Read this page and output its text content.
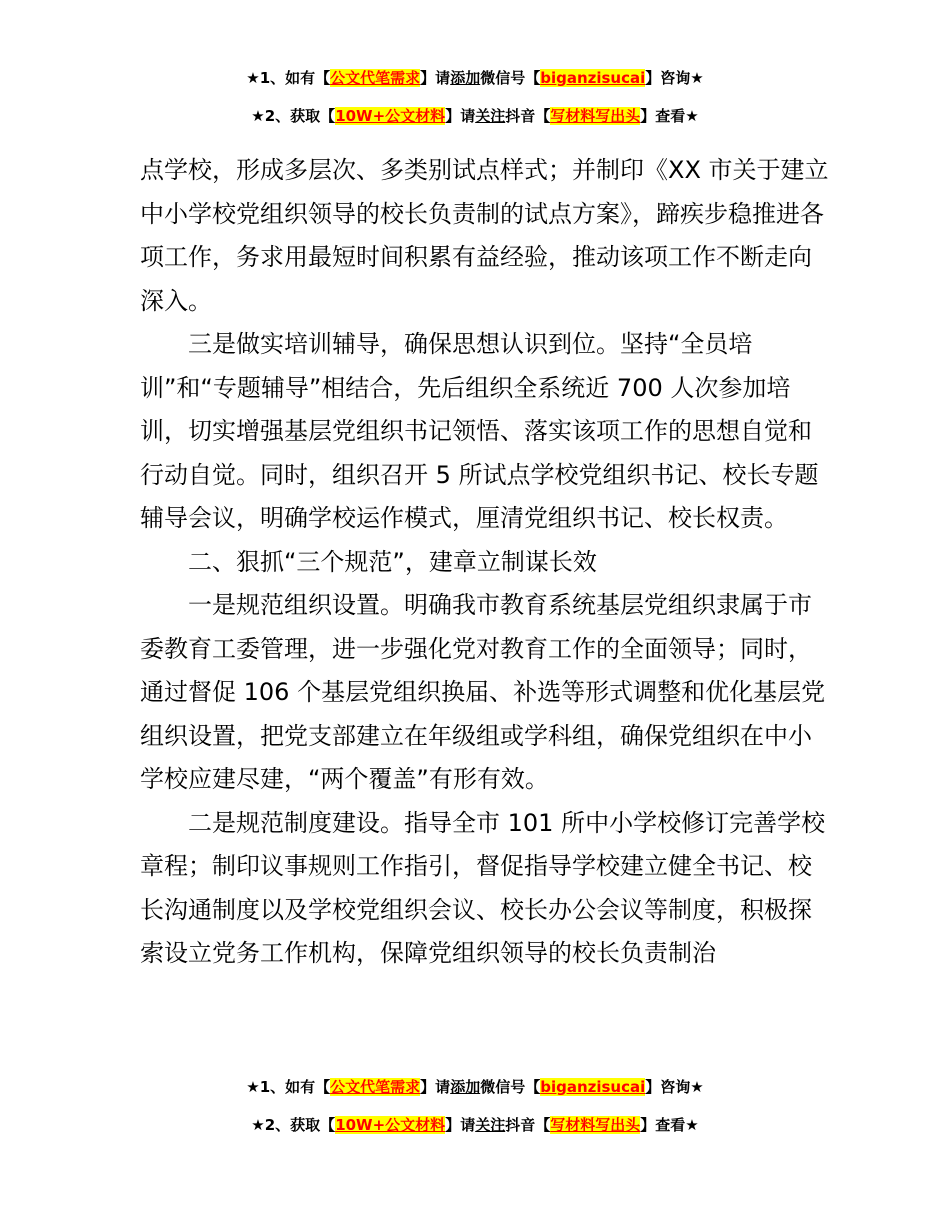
★1、如有【公文代笔需求】请添加微信号【biganzisucai】咨询★
★2、获取【10W+公文材料】请关注抖音【写材料写出头】查看★

点学校，形成多层次、多类别试点样式；并制印《XX 市关于建立中小学校党组织领导的校长负责制的试点方案》，蹄疾步稳推进各项工作，务求用最短时间积累有益经验，推动该项工作不断走向深入。

三是做实培训辅导，确保思想认识到位。坚持“全员培训”和“专题辅导”相结合，先后组织全系统近 700 人次参加培训，切实增强基层党组织书记领悟、落实该项工作的思想自觉和行动自觉。同时，组织召开 5 所试点学校党组织书记、校长专题辅导会议，明确学校运作模式，厘清党组织书记、校长权责。

二、狠抓“三个规范”，建章立制谋长效

一是规范组织设置。明确我市教育系统基层党组织隶属于市委教育工委管理，进一步强化党对教育工作的全面领导；同时，通过督促 106 个基层党组织换届、补选等形式调整和优化基层党组织设置，把党支部建立在年级组或学科组，确保党组织在中小学校应建尽建，“两个覆盖”有形有效。

二是规范制度建设。指导全市 101 所中小学校修订完善学校章程；制印议事规则工作指引，督促指导学校建立健全书记、校长沟通制度以及学校党组织会议、校长办公会议等制度，积极探索设立党务工作机构，保障党组织领导的校长负责制治

★1、如有【公文代笔需求】请添加微信号【biganzisucai】咨询★
★2、获取【10W+公文材料】请关注抖音【写材料写出头】查看★
